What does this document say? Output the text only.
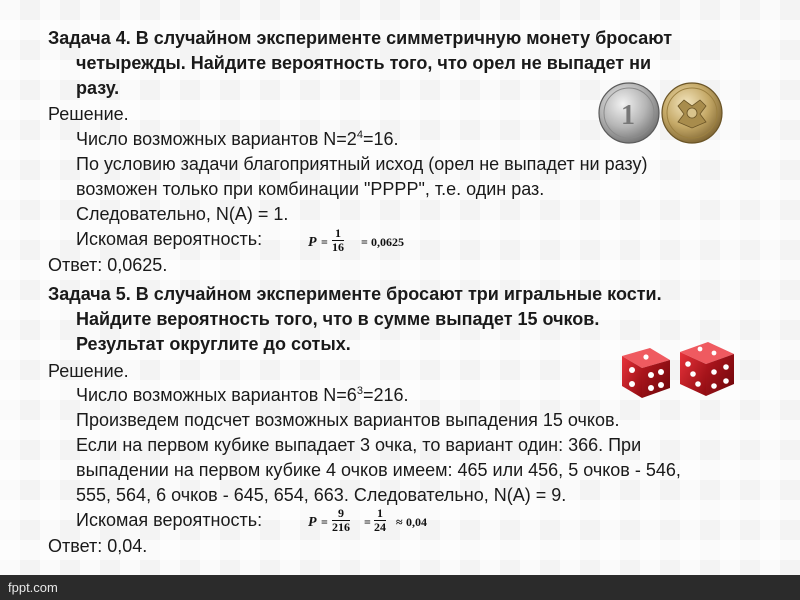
Задача 4. В случайном эксперименте симметричную монету бросают
четырежды. Найдите вероятность того, что орел не выпадет ни
разу.
Решение.
Число возможных вариантов $N=2^4=16$.
По условию задачи благоприятный исход (орел не выпадет ни разу)
возможен только при комбинации "РРРР", т.е. один раз.
Следовательно, N(A) = 1.
Искомая вероятность:	$P = \frac{1}{16} = 0,0625$
Ответ: 0,0625.
1
Задача 5. В случайном эксперименте бросают три игральные кости.
Найдите вероятность того, что в сумме выпадет 15 очков.
Результат округлите до сотых.
Решение.
Число возможных вариантов $N=6^3=216$.
Произведем подсчет возможных вариантов выпадения 15 очков.
Если на первом кубике выпадает 3 очка, то вариант один: 366. При
выпадении на первом кубике 4 очков имеем: 465 или 456, 5 очков - 546,
555, 564, 6 очков - 645, 654, 663. Следовательно, N(A) = 9.
Искомая вероятность:	$P = \frac{9}{216} = \frac{1}{24} \approx 0,04$
Ответ: 0,04.
fppt.com
